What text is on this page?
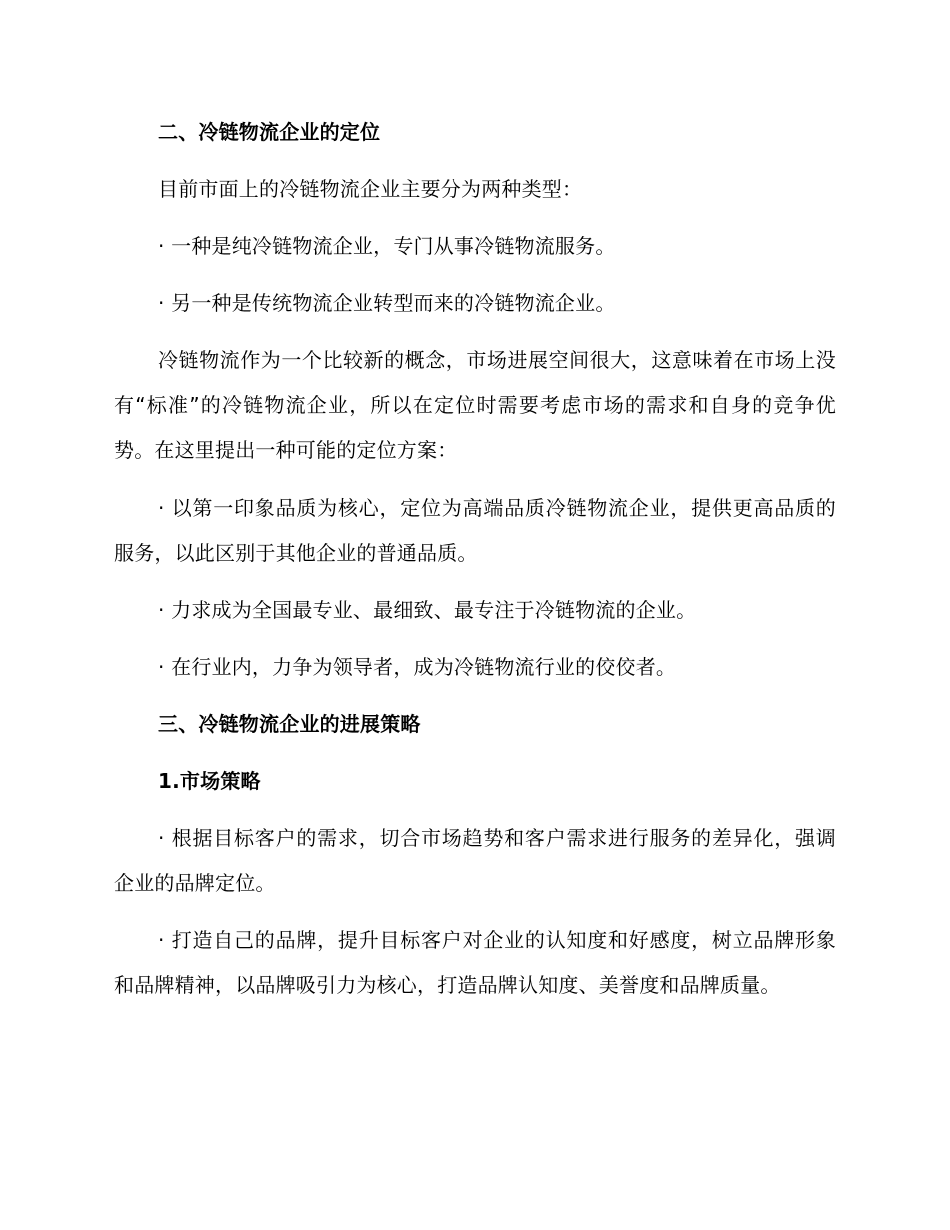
二、冷链物流企业的定位

目前市面上的冷链物流企业主要分为两种类型：

· 一种是纯冷链物流企业，专门从事冷链物流服务。

· 另一种是传统物流企业转型而来的冷链物流企业。

冷链物流作为一个比较新的概念，市场进展空间很大，这意味着在市场上没有“标准”的冷链物流企业，所以在定位时需要考虑市场的需求和自身的竞争优势。在这里提出一种可能的定位方案：

· 以第一印象品质为核心，定位为高端品质冷链物流企业，提供更高品质的服务，以此区别于其他企业的普通品质。

· 力求成为全国最专业、最细致、最专注于冷链物流的企业。

· 在行业内，力争为领导者，成为冷链物流行业的佼佼者。

三、冷链物流企业的进展策略

1.市场策略

· 根据目标客户的需求，切合市场趋势和客户需求进行服务的差异化，强调企业的品牌定位。

· 打造自己的品牌，提升目标客户对企业的认知度和好感度，树立品牌形象和品牌精神，以品牌吸引力为核心，打造品牌认知度、美誉度和品牌质量。
